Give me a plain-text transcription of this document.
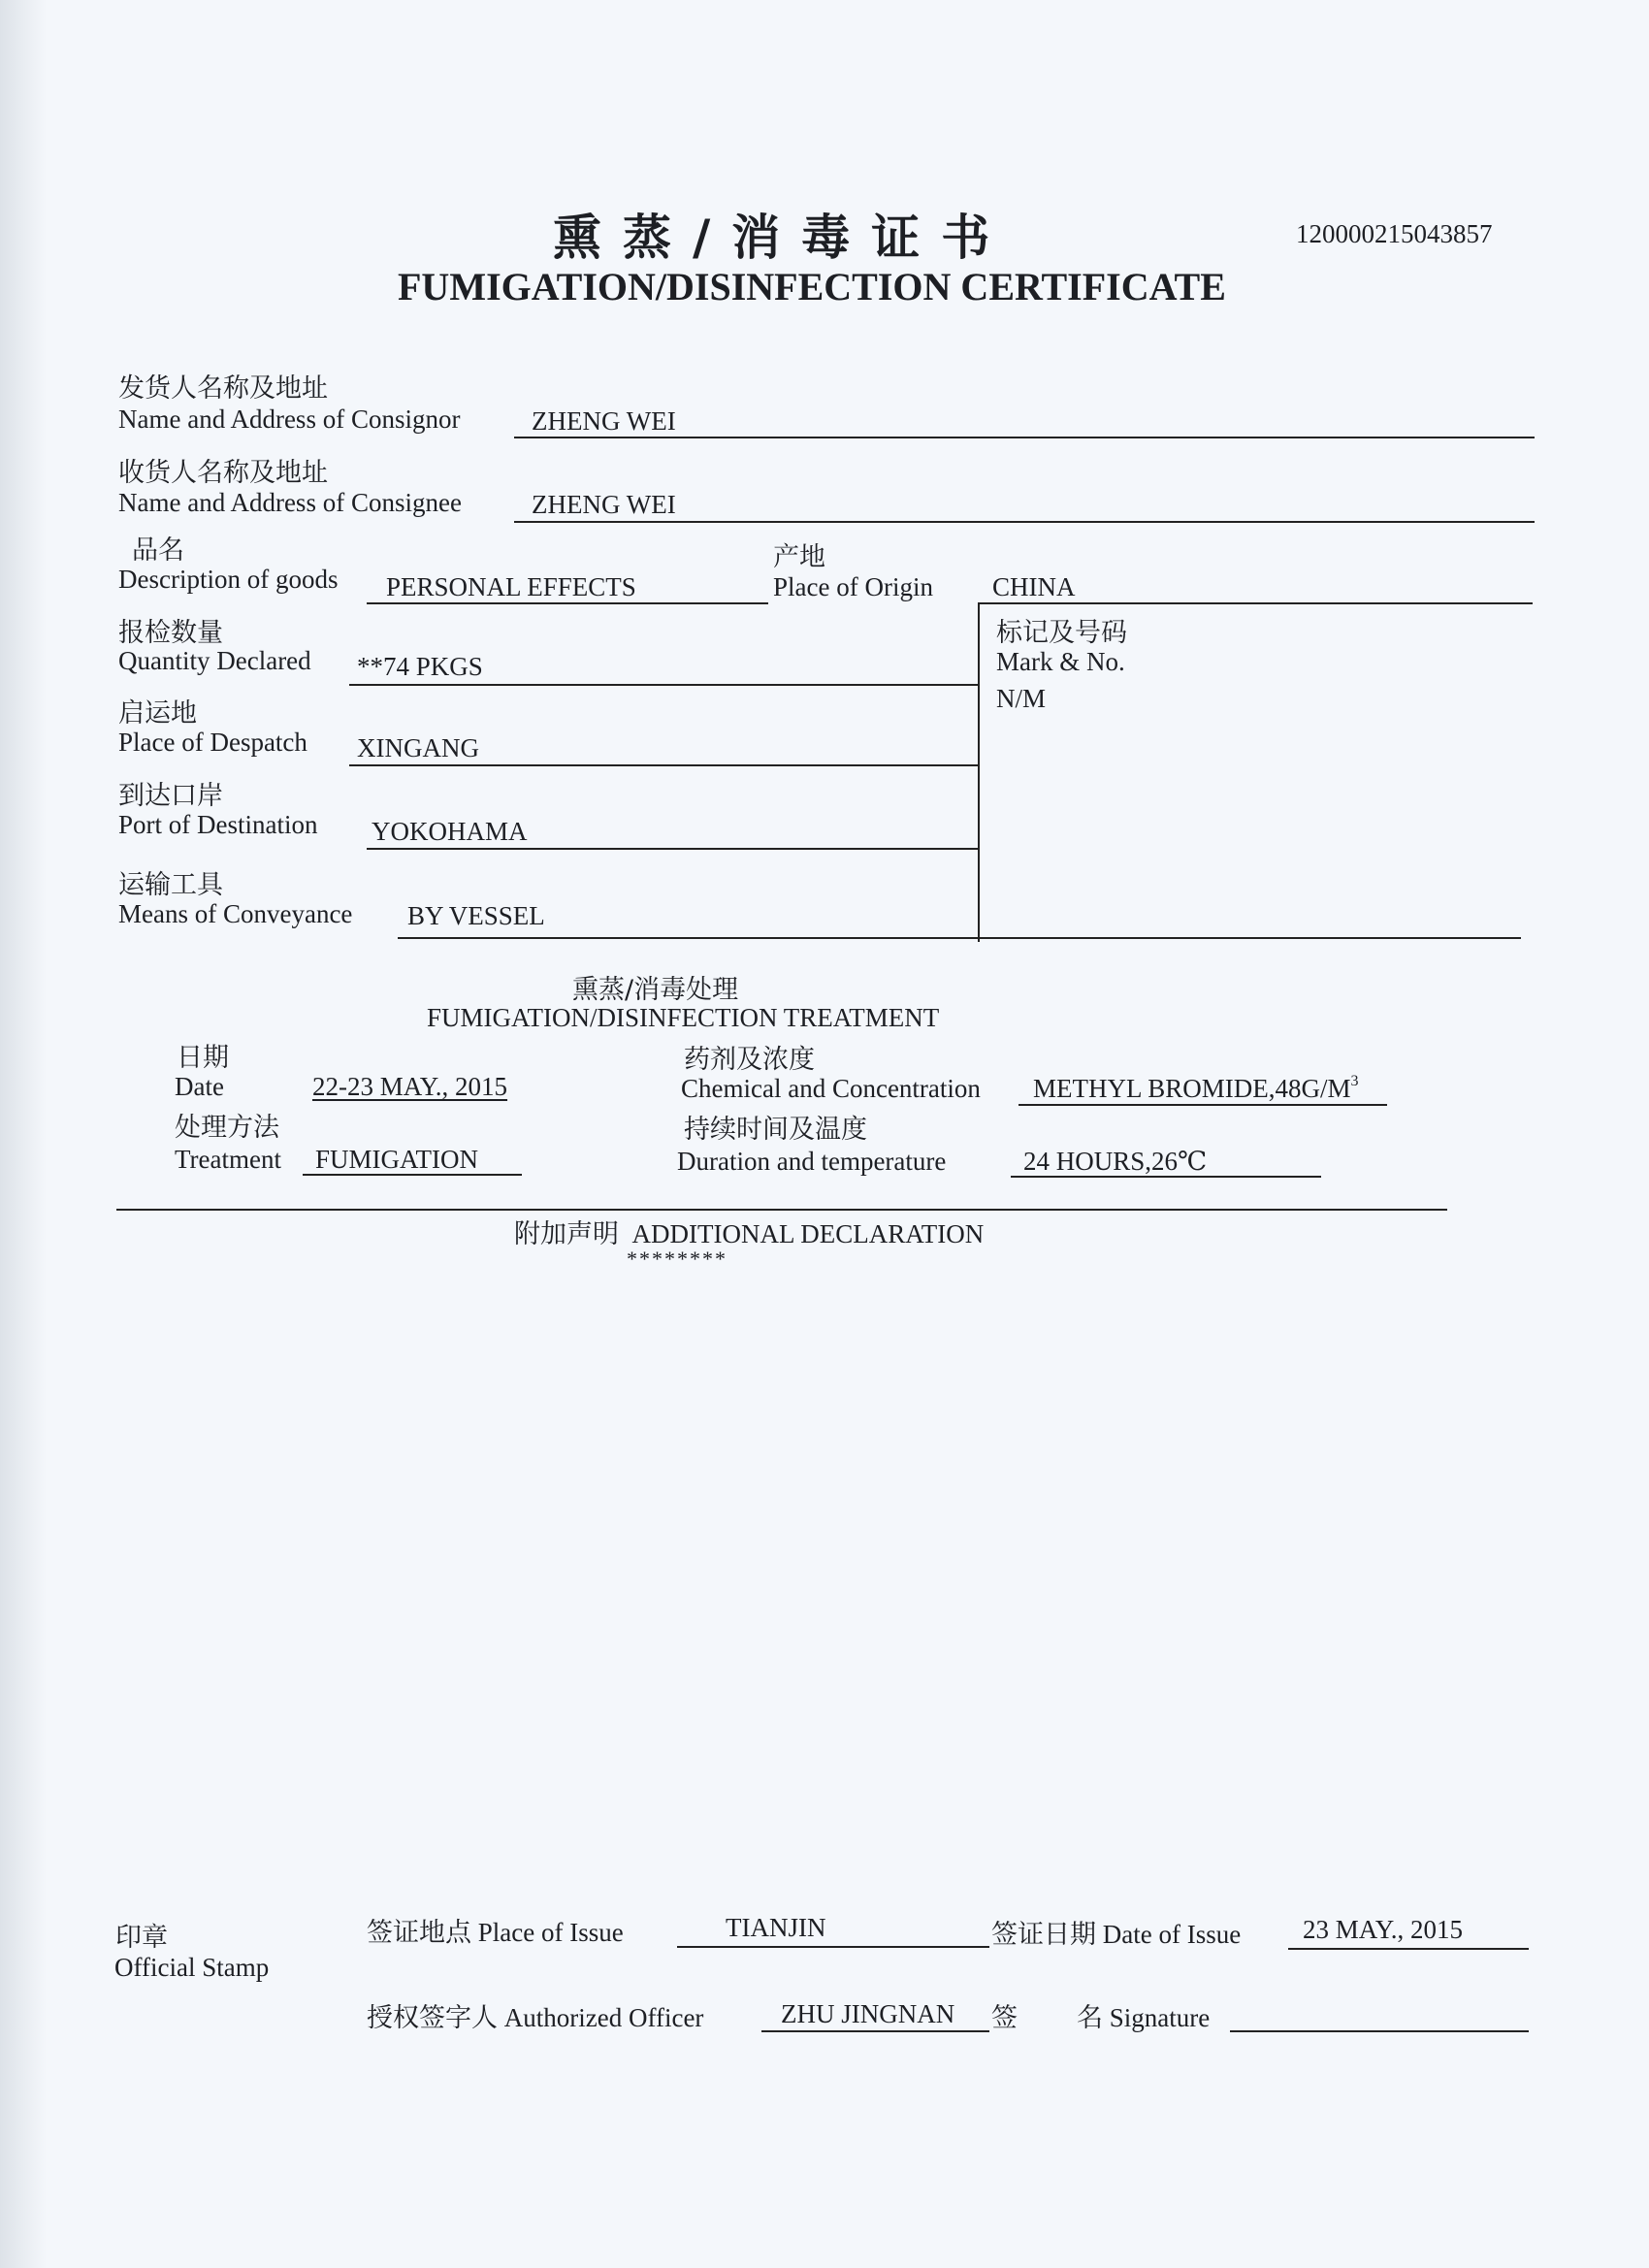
熏蒸/消毒证书
FUMIGATION/DISINFECTION CERTIFICATE
120000215043857
发货人名称及地址
Name and Address of Consignor	ZHENG WEI
收货人名称及地址
Name and Address of Consignee	ZHENG WEI
品名
Description of goods PERSONAL EFFECTS
产地
Place of Origin CHINA
标记及号码
Mark & No.
N/M
报检数量
Quantity Declared **74 PKGS
启运地
Place of Despatch XINGANG
到达口岸
Port of Destination YOKOHAMA
运输工具
Means of Conveyance BY VESSEL
熏蒸/消毒处理
FUMIGATION/DISINFECTION TREATMENT
日期
Date	22-23 MAY., 2015
药剂及浓度
Chemical and Concentration METHYL $BROMIDE,48G/M^3$
处理方法
Treatment FUMIGATION
持续时间及温度
Duration and temperature	24 HOURS,26℃
附加声明 ADDITIONAL DECLARATION
********
印章
Official Stamp
签证地点 Place of Issue	TIANJIN	签证日期 Date of Issue 23 MAY., 2015
授权签字人 Authorized Officer	ZHU JINGNAN 签 名 Signature
